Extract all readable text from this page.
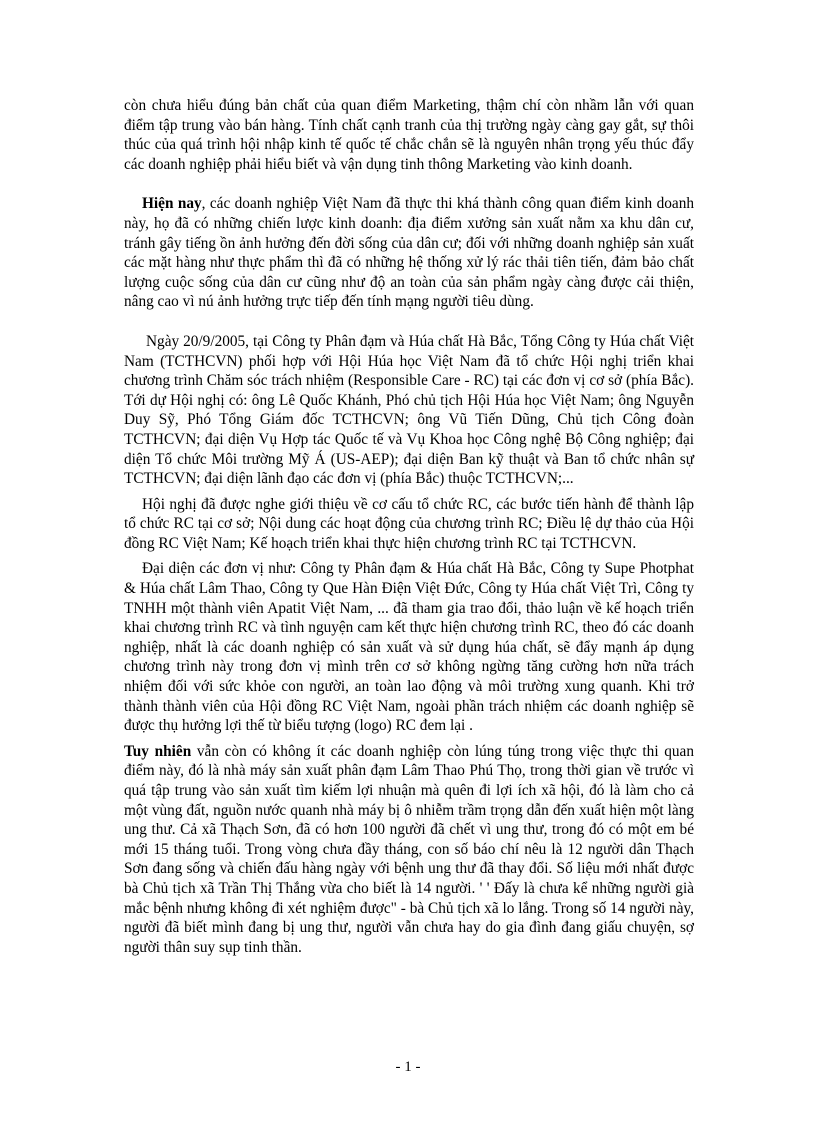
còn chưa hiểu đúng bản chất của quan điểm Marketing, thậm chí còn nhầm lẫn với quan điểm tập trung vào bán hàng. Tính chất cạnh tranh của thị trường ngày càng gay gắt, sự thôi thúc của quá trình hội nhập kinh tế quốc tế chắc chắn sẽ là nguyên nhân trọng yếu thúc đẩy các doanh nghiệp phải hiểu biết và vận dụng tinh thông Marketing vào kinh doanh.

Hiện nay, các doanh nghiệp Việt Nam đã thực thi khá thành công quan điểm kinh doanh này, họ đã có những chiến lược kinh doanh: địa điểm xưởng sản xuất nằm xa khu dân cư, tránh gây tiếng ồn ảnh hưởng đến đời sống của dân cư; đối với những doanh nghiệp sản xuất các mặt hàng như thực phẩm thì đã có những hệ thống xử lý rác thải tiên tiến, đảm bảo chất lượng cuộc sống của dân cư cũng như độ an toàn của sản phẩm ngày càng được cải thiện, nâng cao vì nú ảnh hưởng trực tiếp đến tính mạng người tiêu dùng.

Ngày 20/9/2005, tại Công ty Phân đạm và Húa chất Hà Bắc, Tổng Công ty Húa chất Việt Nam (TCTHCVN) phối hợp với Hội Húa học Việt Nam đã tổ chức Hội nghị triển khai chương trình Chăm sóc trách nhiệm (Responsible Care - RC) tại các đơn vị cơ sở (phía Bắc). Tới dự Hội nghị có: ông Lê Quốc Khánh, Phó chủ tịch Hội Húa học Việt Nam; ông Nguyễn Duy Sỹ, Phó Tổng Giám đốc TCTHCVN; ông Vũ Tiến Dũng, Chủ tịch Công đoàn TCTHCVN; đại diện Vụ Hợp tác Quốc tế và Vụ Khoa học Công nghệ Bộ Công nghiệp; đại diện Tổ chức Môi trường Mỹ Á (US-AEP); đại diện Ban kỹ thuật và Ban tổ chức nhân sự TCTHCVN; đại diện lãnh đạo các đơn vị (phía Bắc) thuộc TCTHCVN;...

Hội nghị đã được nghe giới thiệu về cơ cấu tổ chức RC, các bước tiến hành để thành lập tổ chức RC tại cơ sở; Nội dung các hoạt động của chương trình RC; Điều lệ dự thảo của Hội đồng RC Việt Nam; Kế hoạch triển khai thực hiện chương trình RC tại TCTHCVN.

Đại diện các đơn vị như: Công ty Phân đạm & Húa chất Hà Bắc, Công ty Supe Photphat & Húa chất Lâm Thao, Công ty Que Hàn Điện Việt Đức, Công ty Húa chất Việt Trì, Công ty TNHH một thành viên Apatit Việt Nam, ... đã tham gia trao đổi, thảo luận về kế hoạch triển khai chương trình RC và tình nguyện cam kết thực hiện chương trình RC, theo đó các doanh nghiệp, nhất là các doanh nghiệp có sản xuất và sử dụng húa chất, sẽ đẩy mạnh áp dụng chương trình này trong đơn vị mình trên cơ sở không ngừng tăng cường hơn nữa trách nhiệm đối với sức khỏe con người, an toàn lao động và môi trường xung quanh. Khi trở thành thành viên của Hội đồng RC Việt Nam, ngoài phần trách nhiệm các doanh nghiệp sẽ được thụ hưởng lợi thế từ biểu tượng (logo) RC đem lại .

Tuy nhiên vẫn còn có không ít các doanh nghiệp còn lúng túng trong việc thực thi quan điểm này, đó là nhà máy sản xuất phân đạm Lâm Thao Phú Thọ, trong thời gian về trước vì quá tập trung vào sản xuất tìm kiếm lợi nhuận mà quên đi lợi ích xã hội, đó là làm cho cả một vùng đất, nguồn nước quanh nhà máy bị ô nhiễm trầm trọng dẫn đến xuất hiện một làng ung thư. Cả xã Thạch Sơn, đã có hơn 100 người đã chết vì ung thư, trong đó có một em bé mới 15 tháng tuổi. Trong vòng chưa đầy tháng, con số báo chí nêu là 12 người dân Thạch Sơn đang sống và chiến đấu hàng ngày với bệnh ung thư đã thay đổi. Số liệu mới nhất được bà Chủ tịch xã Trần Thị Thắng vừa cho biết là 14 người. ' ' Đấy là chưa kể những người già mắc bệnh nhưng không đi xét nghiệm được" - bà Chủ tịch xã lo lắng. Trong số 14 người này, người đã biết mình đang bị ung thư, người vẫn chưa hay do gia đình đang giấu chuyện, sợ người thân suy sụp tinh thần.

- 1 -
